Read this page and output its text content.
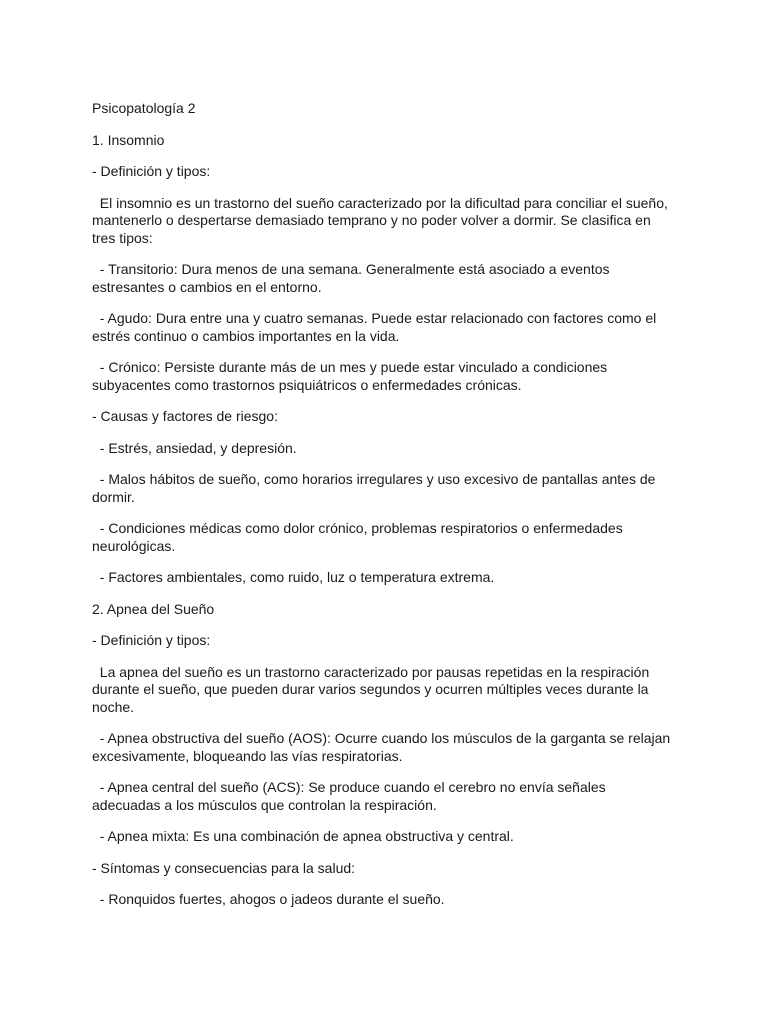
Psicopatología 2

1. Insomnio

- Definición y tipos:

El insomnio es un trastorno del sueño caracterizado por la dificultad para conciliar el sueño, mantenerlo o despertarse demasiado temprano y no poder volver a dormir. Se clasifica en tres tipos:

- Transitorio: Dura menos de una semana. Generalmente está asociado a eventos estresantes o cambios en el entorno.

- Agudo: Dura entre una y cuatro semanas. Puede estar relacionado con factores como el estrés continuo o cambios importantes en la vida.

- Crónico: Persiste durante más de un mes y puede estar vinculado a condiciones subyacentes como trastornos psiquiátricos o enfermedades crónicas.

- Causas y factores de riesgo:

- Estrés, ansiedad, y depresión.

- Malos hábitos de sueño, como horarios irregulares y uso excesivo de pantallas antes de dormir.

- Condiciones médicas como dolor crónico, problemas respiratorios o enfermedades neurológicas.

- Factores ambientales, como ruido, luz o temperatura extrema.

2. Apnea del Sueño

- Definición y tipos:

La apnea del sueño es un trastorno caracterizado por pausas repetidas en la respiración durante el sueño, que pueden durar varios segundos y ocurren múltiples veces durante la noche.

- Apnea obstructiva del sueño (AOS): Ocurre cuando los músculos de la garganta se relajan excesivamente, bloqueando las vías respiratorias.

- Apnea central del sueño (ACS): Se produce cuando el cerebro no envía señales adecuadas a los músculos que controlan la respiración.

- Apnea mixta: Es una combinación de apnea obstructiva y central.

- Síntomas y consecuencias para la salud:

- Ronquidos fuertes, ahogos o jadeos durante el sueño.
